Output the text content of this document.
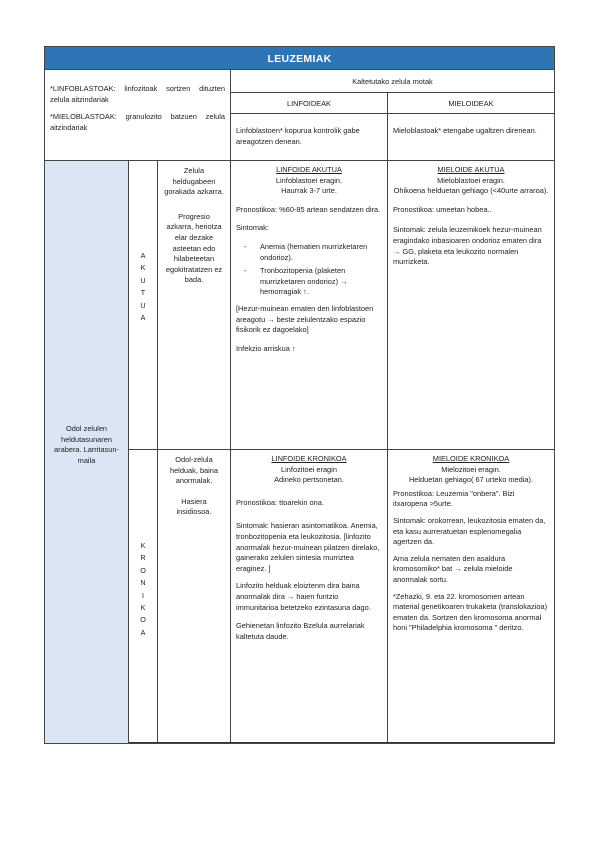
LEUZEMIAK

*LINFOBLASTOAK: linfozitoak sortzen dituzten zelula aitzindariak

*MIELOBLASTOAK: granulozito batzuen zelula aitzindariak

Kaltetutako zelula motak
LINFOIDEAK	MIELOIDEAK
Linfoblastoen* kopurua kontrolik gabe areagotzen denean.
Mieloblastoak* etengabe ugaltzen direnean.
Odol zelulen heldutasunaren arabera. Larritasun-maila
A
K
U
T
U
A

Zelula heldugabeen gorakada azkarra.

Progresio azkarra, heriotza elar dezake asteetan edo hilabeteetan egokitratatzen ez bada.

LINFOIDE AKUTUA
Linfoblastoei eragin.
Haurrak 3-7 urte.

Pronostikoa: %60-85 artean sendatzen dira.

Sintomak:

- Anemia (hematien murrizketaren ondorioz).
- Tronbozitopenia (plaketen murrizketaren ondorioz) → hemorragiak ↑.

[Hezur-muinean ematen den linfoblastoen areagotu → beste zelulentzako espazio fisikorik ez dagoelako]

Infekzio arriskua ↑

MIELOIDE AKUTUA
Mieloblastoei eragin.
Ohikoena helduetan gehiago (<40urte arraroa).

Pronostikoa: umeetan hobea..

Sintomak: zelula leuzemikoek hezur-muinean eragindako inbasioaren ondorioz ematen dira → GG, plaketa eta leukozito normalen murrizketa.

K
R
O
N
I
K
O
A

Odol-zelula helduak, baina anormalak.

Hasiera insidiosoa.

LINFOIDE KRONIKOA
Linfozitoei eragin
Adineko pertsonetan.

Pronostikoa: ttoarekin ona.

Sintomak: hasieran asintomatikoa. Anemia, tronbozitopenia eta leukozitosia. [linfozito anormalak hezur-muinean pilatzen direlako, gainerako zelulen sintesia murriztea eraginez. ]

Linfozito helduak eloiztenm dira baina anormalak dira → haien funtzio immunitarioa betetzeko ezintasuna dago.

Gehienetan linfozito Bzelula aurrelariak kaltetuta daude.

MIELOIDE KRONIKOA
Mielozitoei eragin.
Helduetan gehiago( 67 urteko media).

Pronostikoa: Leuzemia "onbera". Bizi itxaropena >5urte.

Sintomak: orokorrean, leukozitosia ematen da, eta kasu aurreratuetan esplenomegalia agertzen da.

Ama zelula nematen den asaldura kromosomiko* bat → zelula mieloide anormalak sortu.

*Zehazki, 9. eta 22. kromosomen artean material genetikoaren trukaketa (translokazioa) ematen da. Sortzen den kromosoma anormal honi "Philadelphia kromosoma " deritzo.
